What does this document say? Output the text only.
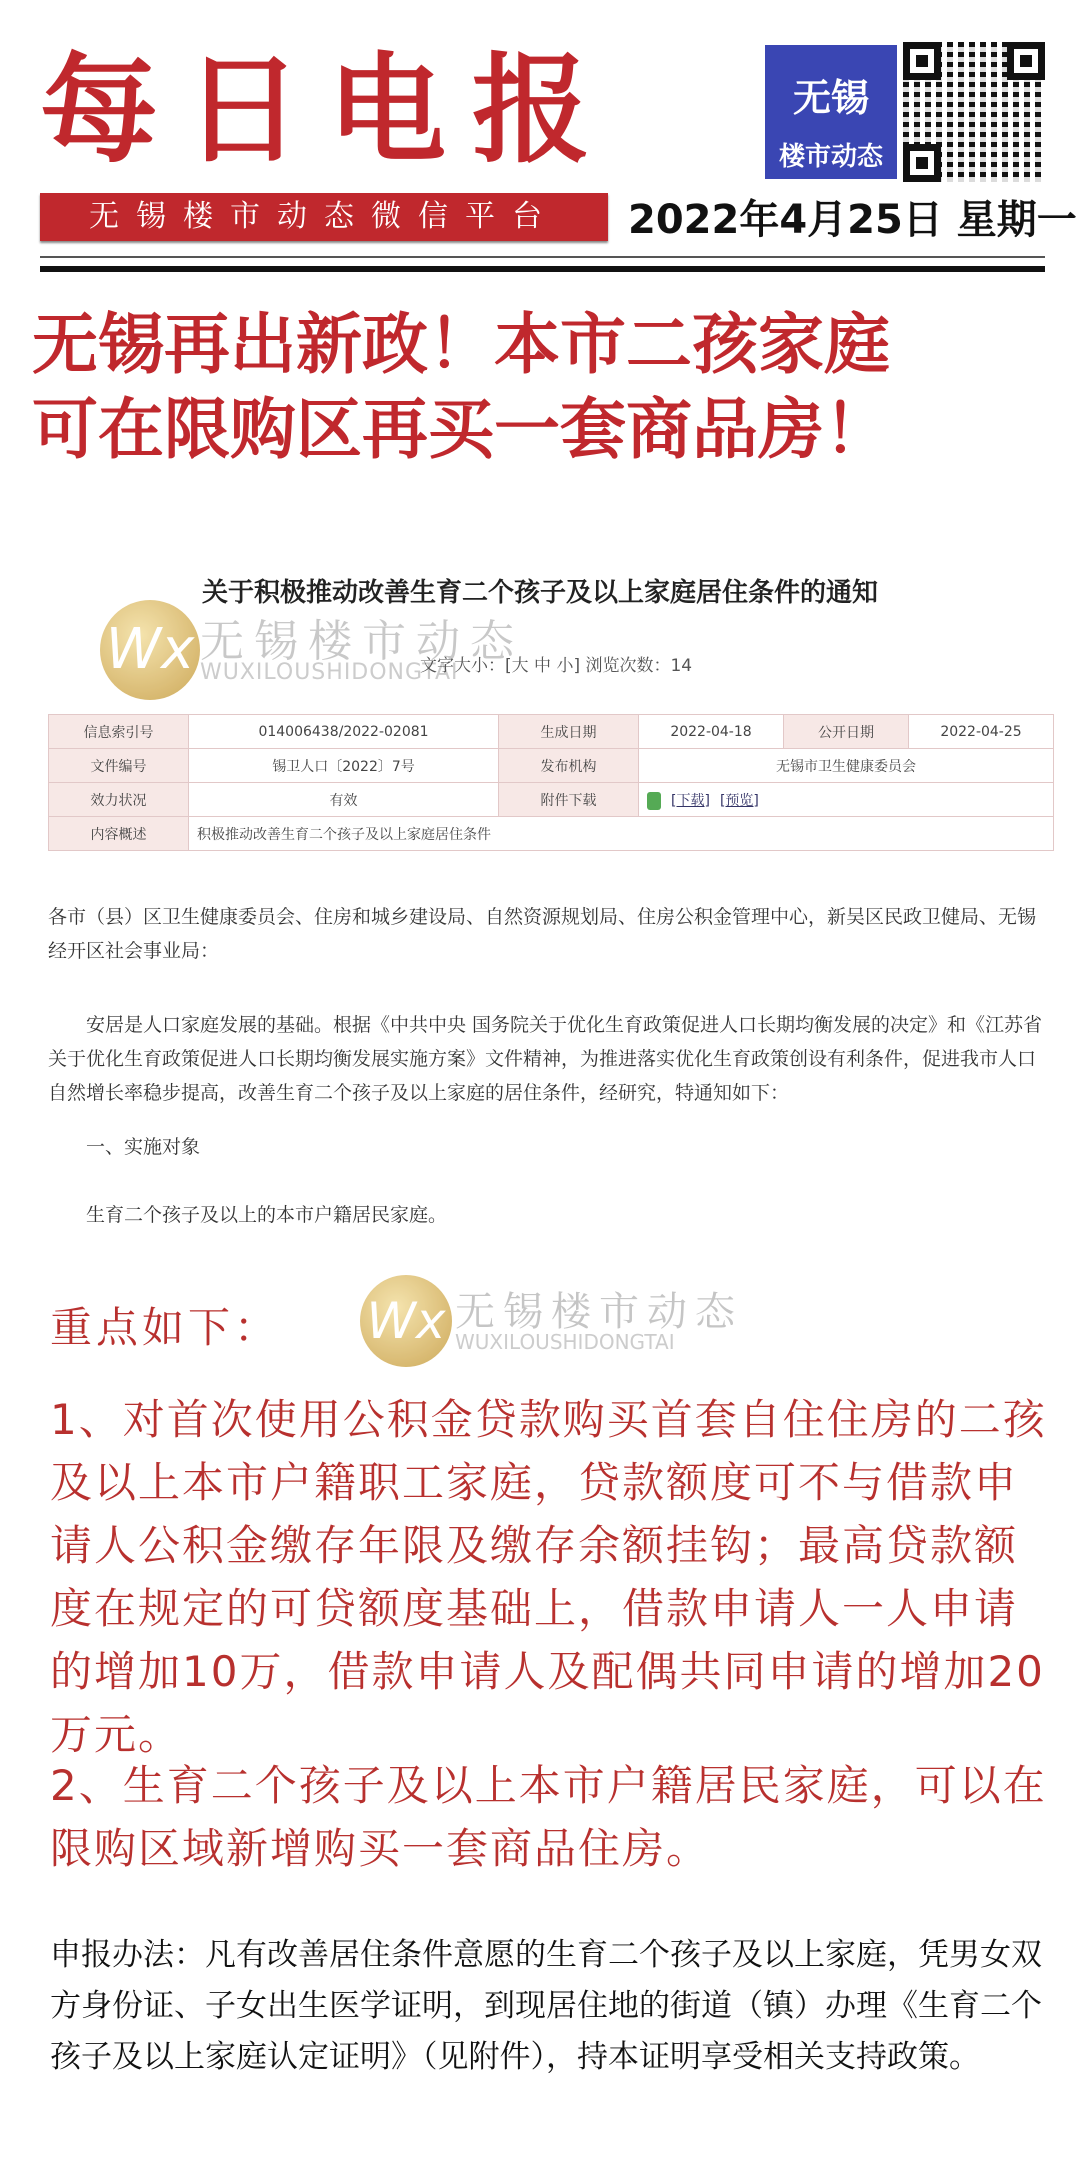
每日电报
无锡楼市动态微信平台	2022年4月25日 星期一
无锡
楼市动态
无锡再出新政！本市二孩家庭
可在限购区再买一套商品房！
关于积极推动改善生育二个孩子及以上家庭居住条件的通知
Wx 无锡楼市动态
WUXILOUSHIDONGTAI
文字大小：[大 中 小] 浏览次数：14
信息索引号	014006438/2022-02081	生成日期	2022-04-18	公开日期	2022-04-25
文件编号	锡卫人口〔2022〕7号	发布机构	无锡市卫生健康委员会		
效力状况	有效	附件下载	[下载] [预览]		
内容概述	积极推动改善生育二个孩子及以上家庭居住条件				
各市（县）区卫生健康委员会、住房和城乡建设局、自然资源规划局、住房公积金管理中心，新吴区民政卫健局、无锡经开区社会事业局：
安居是人口家庭发展的基础。根据《中共中央 国务院关于优化生育政策促进人口长期均衡发展的决定》和《江苏省关于优化生育政策促进人口长期均衡发展实施方案》文件精神，为推进落实优化生育政策创设有利条件，促进我市人口自然增长率稳步提高，改善生育二个孩子及以上家庭的居住条件，经研究，特通知如下：
一、实施对象
生育二个孩子及以上的本市户籍居民家庭。
重点如下： Wx 无锡楼市动态
WUXILOUSHIDONGTAI
1、对首次使用公积金贷款购买首套自住住房的二孩及以上本市户籍职工家庭，贷款额度可不与借款申请人公积金缴存年限及缴存余额挂钩；最高贷款额度在规定的可贷额度基础上，借款申请人一人申请的增加10万，借款申请人及配偶共同申请的增加20万元。
2、生育二个孩子及以上本市户籍居民家庭，可以在限购区域新增购买一套商品住房。
申报办法：凡有改善居住条件意愿的生育二个孩子及以上家庭，凭男女双方身份证、子女出生医学证明，到现居住地的街道（镇）办理《生育二个孩子及以上家庭认定证明》（见附件），持本证明享受相关支持政策。
